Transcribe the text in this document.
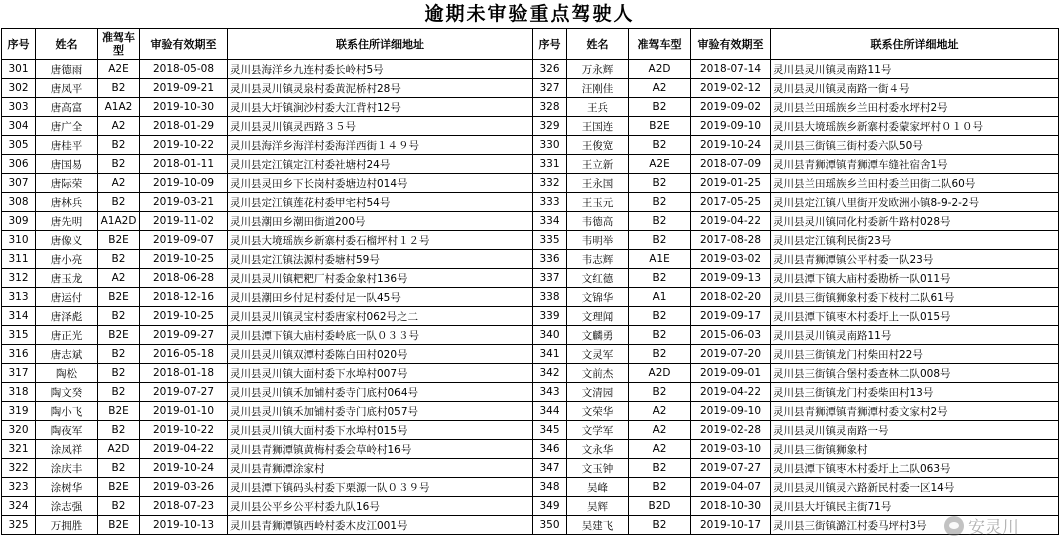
逾期未审验重点驾驶人
序号	姓名	准驾车型	审验有效期至	联系住所详细地址	序号	姓名	准驾车型	审验有效期至	联系住所详细地址
301	唐德雨	A2E	2018-05-08	灵川县海洋乡九连村委长岭村5号	326	万永辉	A2D	2018-07-14	灵川县灵川镇灵南路11号
302	唐凤平	B2	2019-09-21	灵川县灵川镇灵泉村委黄泥桥村28号	327	汪刚佳	A2	2019-02-12	灵川县灵川镇灵南路一街４号
303	唐高富	A1A2	2019-10-30	灵川县大圩镇涧沙村委大江背村12号	328	王兵	B2	2019-09-02	灵川县兰田瑶族乡兰田村委水坪村2号
304	唐广全	A2	2018-01-29	灵川县灵川镇灵西路３５号	329	王国连	B2E	2019-09-10	灵川县大境瑶族乡新寨村委蒙家坪村０１０号
305	唐桂平	B2	2019-10-22	灵川县海洋乡海洋村委海洋西街１４９号	330	王俊宽	B2	2019-10-24	灵川县三街镇三街村委六队50号
306	唐国易	B2	2018-01-11	灵川县定江镇定江村委社塘村24号	331	王立新	A2E	2018-07-09	灵川县青狮潭镇青狮潭车缝社宿舍1号
307	唐际荣	A2	2019-10-09	灵川县灵田乡下长岗村委塘边村014号	332	王永国	B2	2019-01-25	灵川县兰田瑶族乡兰田村委兰田街二队60号
308	唐林兵	B2	2019-03-21	灵川县定江镇莲花村委甲宅村54号	333	王玉元	B2	2017-05-25	灵川县定江镇八里街开发欧洲小镇8-9-2-2号
309	唐先明	A1A2D	2019-11-02	灵川县潮田乡潮田街道200号	334	韦德高	B2	2019-04-22	灵川县灵川镇同化村委新牛路村028号
310	唐像义	B2E	2019-09-07	灵川县大境瑶族乡新寨村委石榴坪村１２号	335	韦明举	B2	2017-08-28	灵川县定江镇利民街23号
311	唐小亮	B2	2019-10-25	灵川县定江镇法源村委塘村59号	336	韦志辉	A1E	2019-03-02	灵川县青狮潭镇公平村委一队23号
312	唐玉龙	A2	2018-06-28	灵川县灵川镇粑粑厂村委金象村136号	337	文红德	B2	2019-09-13	灵川县潭下镇大庙村委勘桥一队011号
313	唐运付	B2E	2018-12-16	灵川县潮田乡付足村委付足一队45号	338	文锦华	A1	2018-02-20	灵川县三街镇狮象村委下枝村二队61号
314	唐泽彪	B2	2019-10-25	灵川县灵川镇灵宝村委唐家村062号之二	339	文理闻	B2	2019-09-17	灵川县潭下镇枣木村委圩上一队015号
315	唐正光	B2E	2019-09-27	灵川县潭下镇大庙村委岭底一队０３３号	340	文麟勇	B2	2015-06-03	灵川县灵川镇灵南路11号
316	唐志斌	B2	2016-05-18	灵川县灵川镇双潭村委陈白田村020号	341	文灵军	B2	2019-07-20	灵川县三街镇龙门村柴田村22号
317	陶松	B2	2018-01-18	灵川县灵川镇大面村委下水埠村007号	342	文前杰	A2D	2019-09-01	灵川县三街镇合堡村委查林二队008号
318	陶文癸	B2	2019-07-27	灵川县灵川镇禾加铺村委寺门底村064号	343	文清园	B2	2019-04-22	灵川县三街镇龙门村委柴田村13号
319	陶小飞	B2E	2019-01-10	灵川县灵川镇禾加铺村委寺门底村057号	344	文荣华	A2	2019-09-10	灵川县青狮潭镇青狮潭村委文家村2号
320	陶夜军	B2	2019-10-22	灵川县灵川镇大面村委下水埠村015号	345	文学军	A2	2019-02-28	灵川县灵川镇灵南路一号
321	涂凤祥	A2D	2019-04-22	灵川县青狮潭镇黄梅村委会草岭村16号	346	文永华	A2	2019-03-10	灵川县三街镇狮象村
322	涂庆丰	B2	2019-10-24	灵川县青狮潭涂家村	347	文玉钟	B2	2019-07-27	灵川县潭下镇枣木村委圩上二队063号
323	涂树华	B2E	2019-03-26	灵川县潭下镇码头村委下栗源一队０３９号	348	吴峰	B2	2019-04-07	灵川县灵川镇灵六路新民村委一区14号
324	涂志强	B2	2018-07-23	灵川县公平乡公平村委九队16号	349	吴辉	B2D	2018-10-30	灵川县大圩镇民主街71号
325	万拥胜	B2E	2019-10-13	灵川县青狮潭镇西岭村委木皮江001号	350	吴建飞	B2	2019-10-17	灵川县三街镇潞江村委马坪村3号 安灵川
